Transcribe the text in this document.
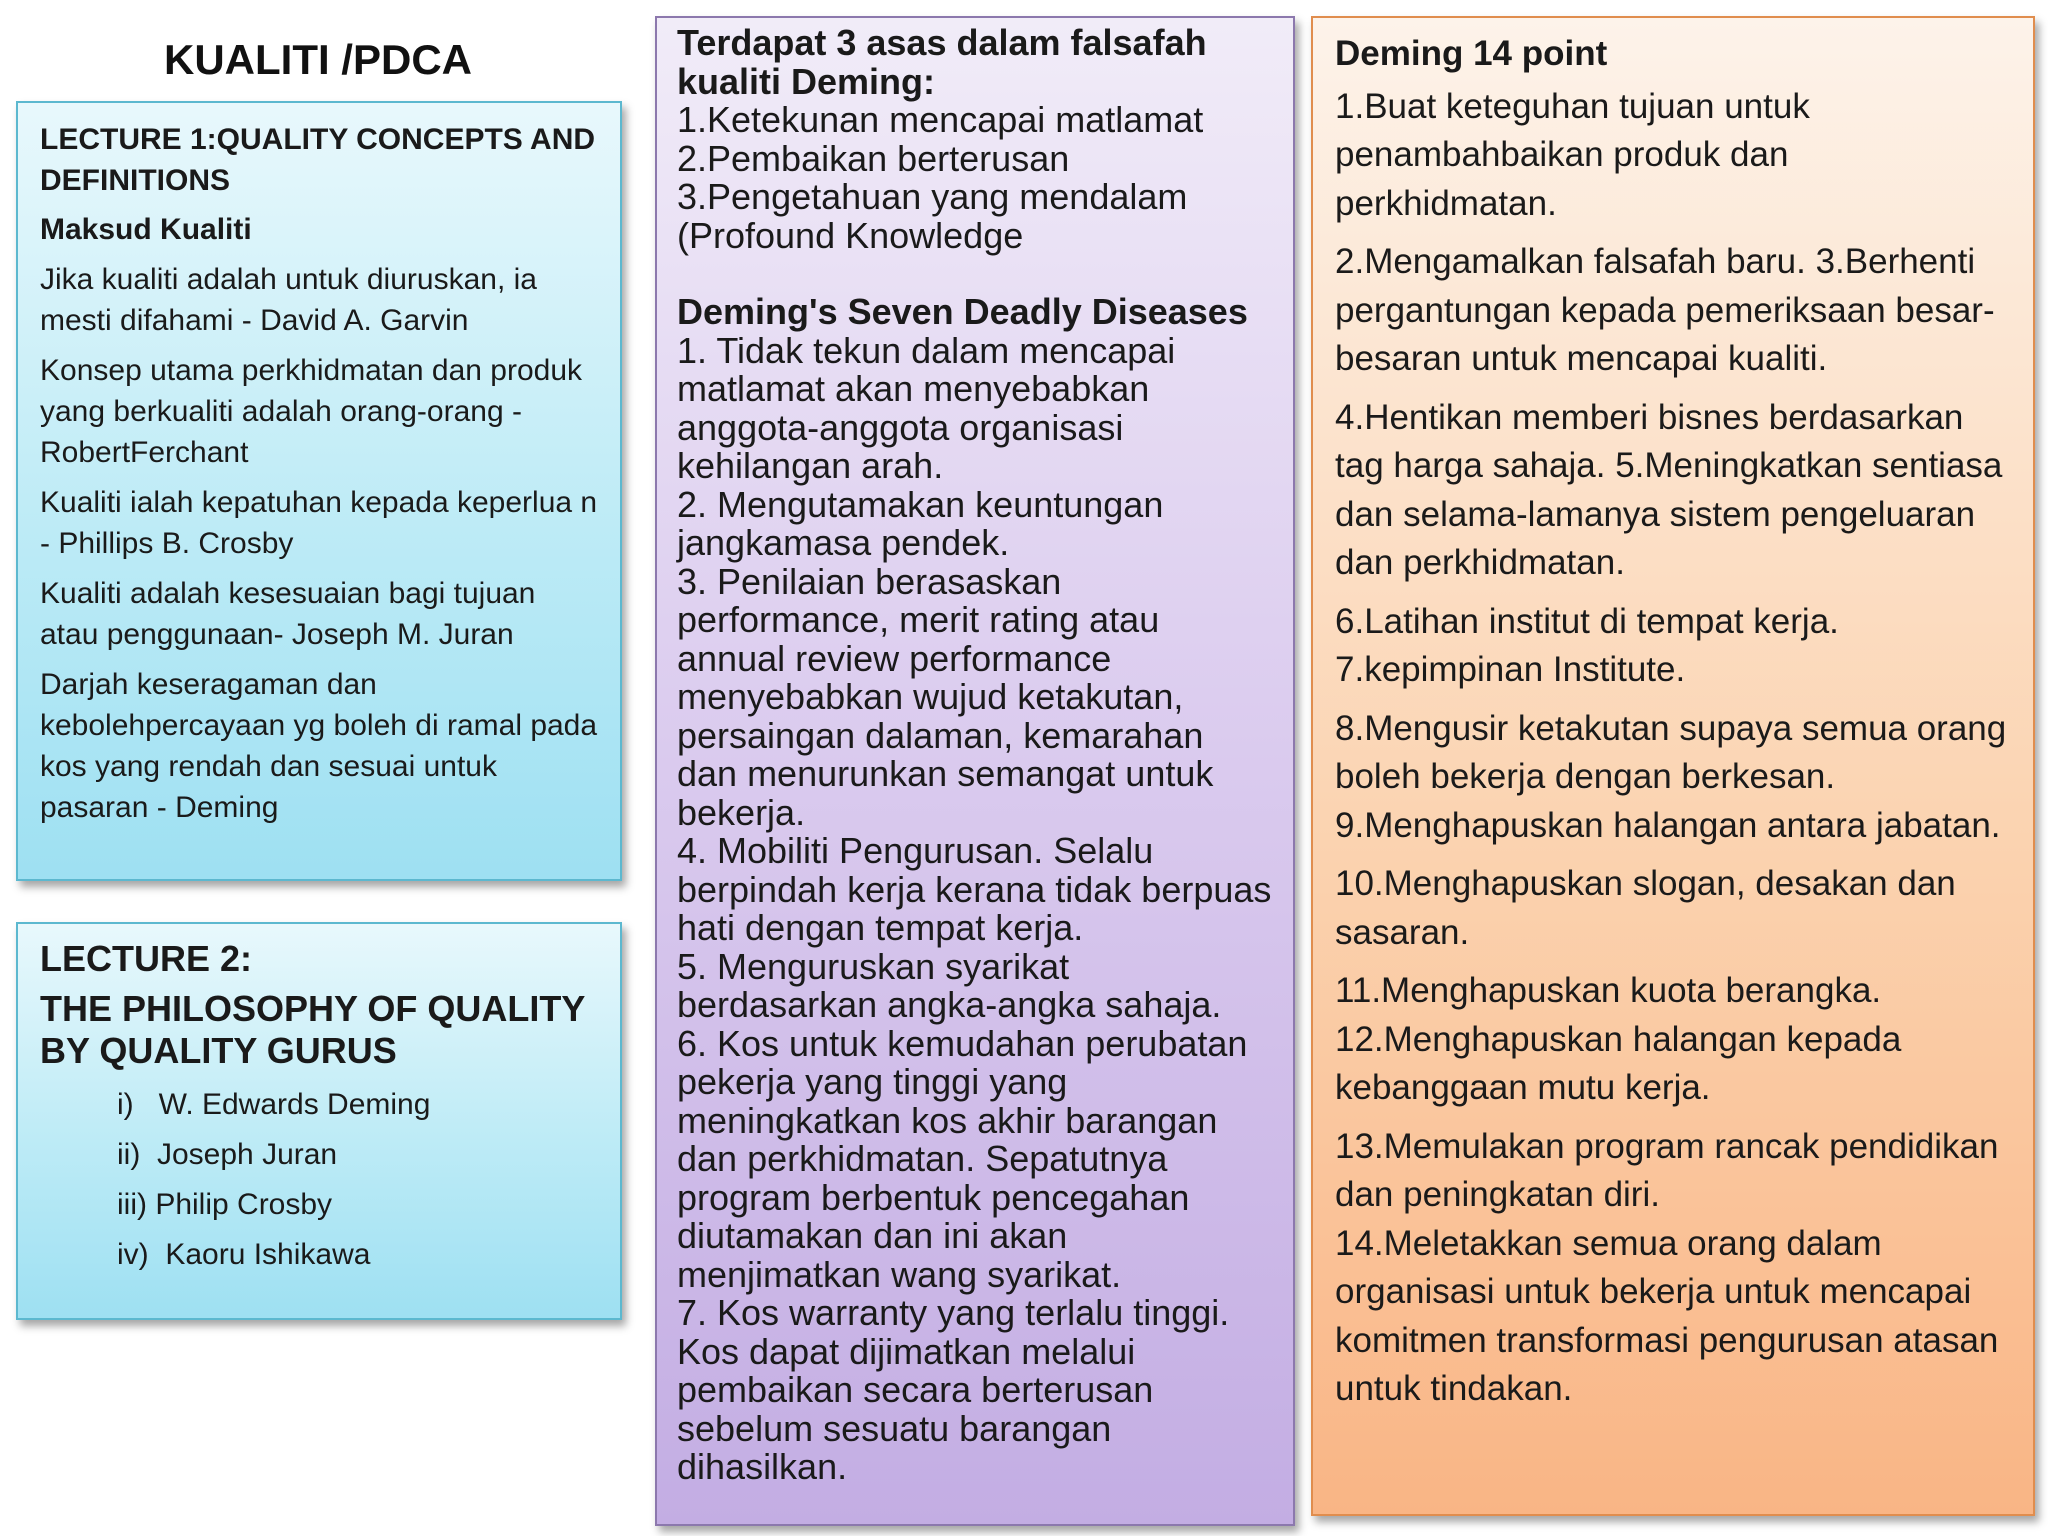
KUALITI /PDCA
LECTURE 1:QUALITY CONCEPTS AND DEFINITIONS
Maksud Kualiti
Jika kualiti adalah untuk diuruskan, ia mesti difahami - David A. Garvin
Konsep utama perkhidmatan dan produk yang berkualiti adalah orang-orang - RobertFerchant
Kualiti ialah kepatuhan kepada keperlua n - Phillips B. Crosby
Kualiti adalah kesesuaian bagi tujuan atau penggunaan- Joseph M. Juran
Darjah keseragaman dan kebolehpercayaan yg boleh di ramal pada kos yang rendah dan sesuai untuk pasaran - Deming
LECTURE 2:
THE PHILOSOPHY OF QUALITY BY QUALITY GURUS
i)   W. Edwards Deming
ii)  Joseph Juran
iii) Philip Crosby
iv)  Kaoru Ishikawa
Terdapat 3 asas dalam falsafah kualiti Deming:
1.Ketekunan mencapai matlamat
2.Pembaikan berterusan
3.Pengetahuan yang mendalam (Profound Knowledge
Deming's Seven Deadly Diseases
1. Tidak tekun dalam mencapai matlamat akan menyebabkan anggota-anggota organisasi kehilangan arah.
2. Mengutamakan keuntungan jangkamasa pendek.
3. Penilaian berasaskan performance, merit rating atau annual review performance menyebabkan wujud ketakutan, persaingan dalaman, kemarahan dan menurunkan semangat untuk bekerja.
4. Mobiliti Pengurusan. Selalu berpindah kerja kerana tidak berpuas hati dengan tempat kerja.
5. Menguruskan syarikat berdasarkan angka-angka sahaja.
6. Kos untuk kemudahan perubatan pekerja yang tinggi yang meningkatkan kos akhir barangan dan perkhidmatan. Sepatutnya program berbentuk pencegahan diutamakan dan ini akan menjimatkan wang syarikat.
7. Kos warranty yang terlalu tinggi. Kos dapat dijimatkan melalui pembaikan secara berterusan sebelum sesuatu barangan dihasilkan.
Deming 14 point
1.Buat keteguhan tujuan untuk penambahbaikan produk dan perkhidmatan.
2.Mengamalkan falsafah baru. 3.Berhenti pergantungan kepada pemeriksaan besar-besaran untuk mencapai kualiti.
4.Hentikan memberi bisnes berdasarkan tag harga sahaja. 5.Meningkatkan sentiasa dan selama-lamanya sistem pengeluaran dan perkhidmatan.
6.Latihan institut di tempat kerja.
7.kepimpinan Institute.
8.Mengusir ketakutan supaya semua orang boleh bekerja dengan berkesan.
9.Menghapuskan halangan antara jabatan.
10.Menghapuskan slogan, desakan dan sasaran.
11.Menghapuskan kuota berangka.
12.Menghapuskan halangan kepada kebanggaan mutu kerja.
13.Memulakan program rancak pendidikan dan peningkatan diri.
14.Meletakkan semua orang dalam organisasi untuk bekerja untuk mencapai komitmen transformasi pengurusan atasan untuk tindakan.
